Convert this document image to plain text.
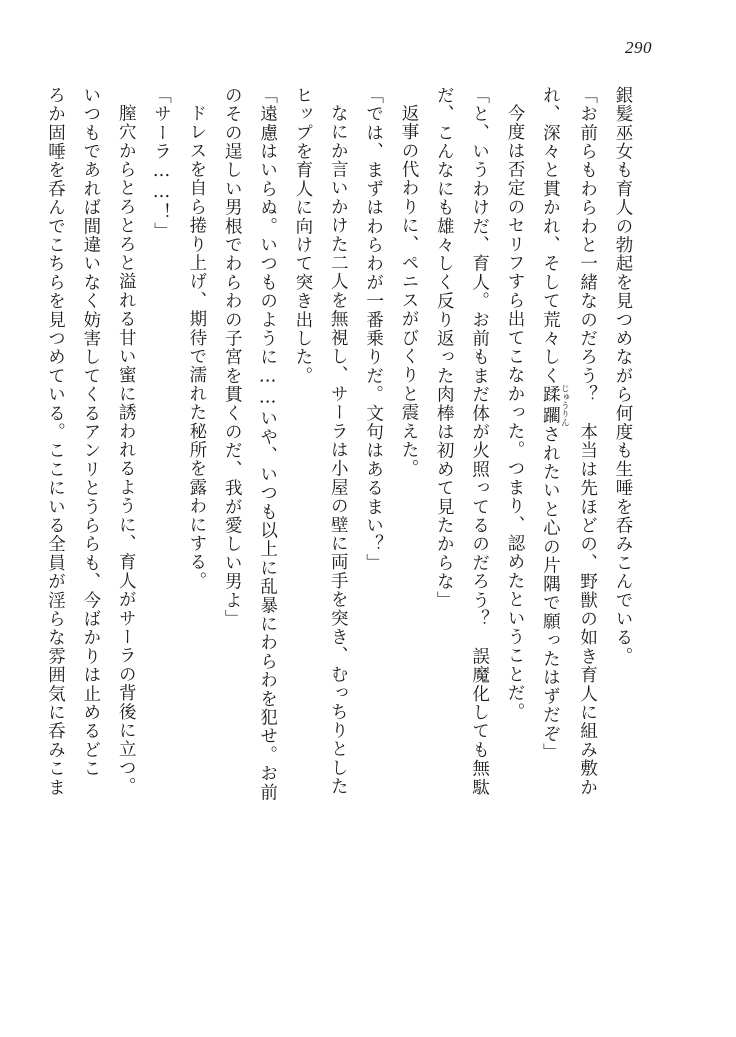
290

銀髪巫女も育人の勃起を見つめながら何度も生唾を呑みこんでいる。

「お前らもわらわと一緒なのだろう？　本当は先ほどの、野獣の如き育人に組み敷か

れ、深々と貫かれ、そして荒々しく蹂躙 じゅうりんされたいと心の片隅で願ったはずだぞ」

今度は否定のセリフすら出てこなかった。つまり、認めたということだ。

「と、いうわけだ、育人。お前もまだ体が火照ってるのだろう？　誤魔化しても無駄

だ、こんなにも雄々しく反り返った肉棒は初めて見たからな」

返事の代わりに、ペニスがびくりと震えた。

「では、まずはわらわが一番乗りだ。文句はあるまい？」

なにか言いかけた二人を無視し、サーラは小屋の壁に両手を突き、むっちりとした

ヒップを育人に向けて突き出した。

「遠慮はいらぬ。いつものように……いや、いつも以上に乱暴にわらわを犯せ。お前

のその逞しい男根でわらわの子宮を貫くのだ、我が愛しい男よ」

ドレスを自ら捲り上げ、期待で濡れた秘所を露わにする。

「サーラ……！」

膣穴からとろとろと溢れる甘い蜜に誘われるように、育人がサーラの背後に立つ。

いつもであれば間違いなく妨害してくるアンリとうららも、今ばかりは止めるどこ

ろか固唾を呑んでこちらを見つめている。ここにいる全員が淫らな雰囲気に呑みこま
